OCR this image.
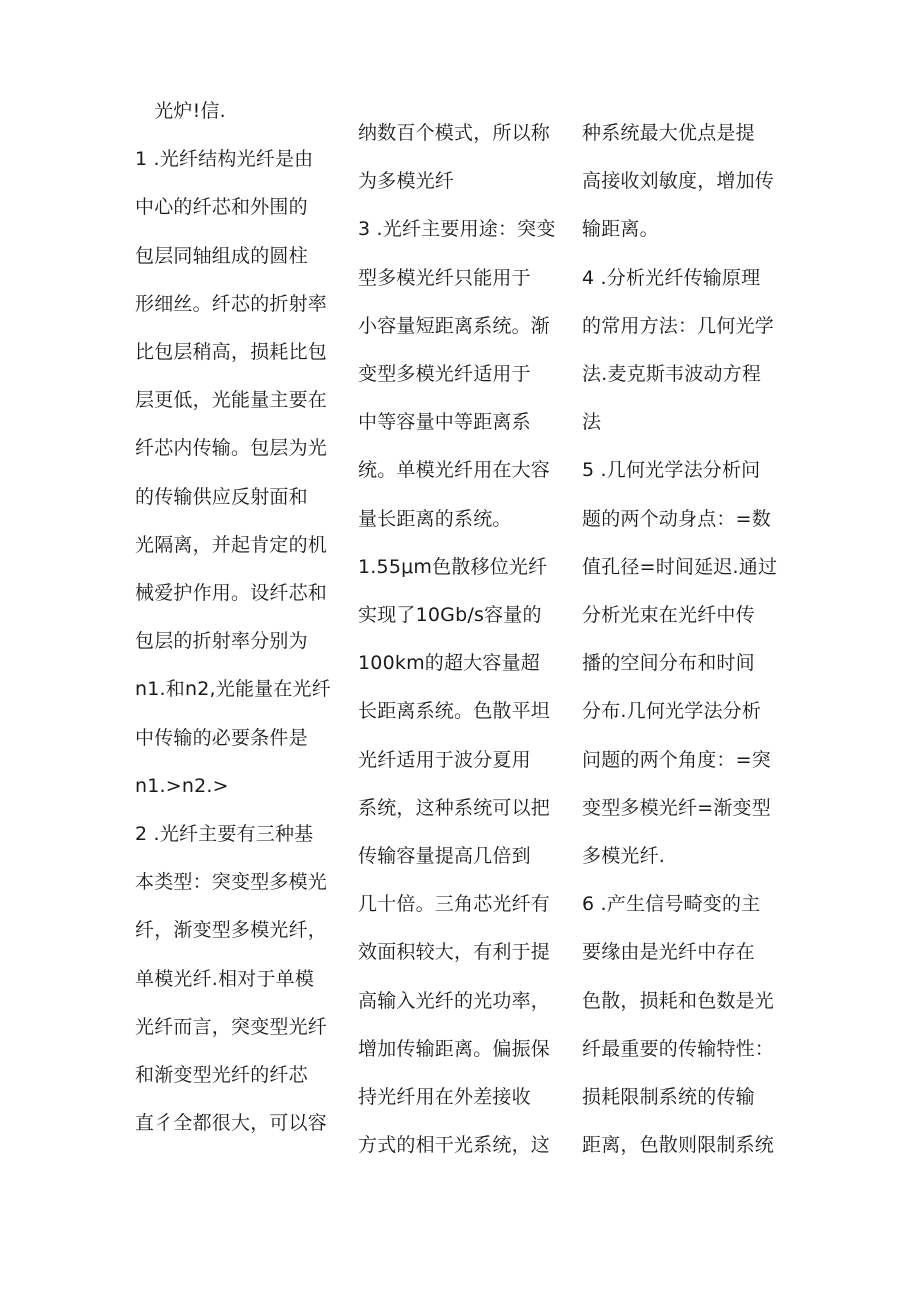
　光炉!信.
1 .光纤结构光纤是由
中心的纤芯和外围的
包层同轴组成的圆柱
形细丝。纤芯的折射率
比包层稍高，损耗比包
层更低，光能量主要在
纤芯内传输。包层为光
的传输供应反射面和
光隔离，并起肯定的机
械爱护作用。设纤芯和
包层的折射率分别为
n1.和n2,光能量在光纤
中传输的必要条件是
n1.>n2.>
2 .光纤主要有三种基
本类型：突变型多模光
纤，渐变型多模光纤，
单模光纤.相对于单模
光纤而言，突变型光纤
和渐变型光纤的纤芯
直彳全都很大，可以容
纳数百个模式，所以称
为多模光纤
3 .光纤主要用途：突变
型多模光纤只能用于
小容量短距离系统。渐
变型多模光纤适用于
中等容量中等距离系
统。单模光纤用在大容
量长距离的系统。
1.55μm色散移位光纤
实现了10Gb/s容量的
100km的超大容量超
长距离系统。色散平坦
光纤适用于波分夏用
系统，这种系统可以把
传输容量提高几倍到
几十倍。三角芯光纤有
效面积较大，有利于提
高输入光纤的光功率，
增加传输距离。偏振保
持光纤用在外差接收
方式的相干光系统，这
种系统最大优点是提
高接收刘敏度，增加传
输距离。
4 .分析光纤传输原理
的常用方法：几何光学
法.麦克斯韦波动方程
法
5 .几何光学法分析问
题的两个动身点：=数
值孔径=时间延迟.通过
分析光束在光纤中传
播的空间分布和时间
分布.几何光学法分析
问题的两个角度：=突
变型多模光纤=渐变型
多模光纤.
6 .产生信号畸变的主
要缘由是光纤中存在
色散，损耗和色数是光
纤最重要的传输特性：
损耗限制系统的传输
距离，色散则限制系统
